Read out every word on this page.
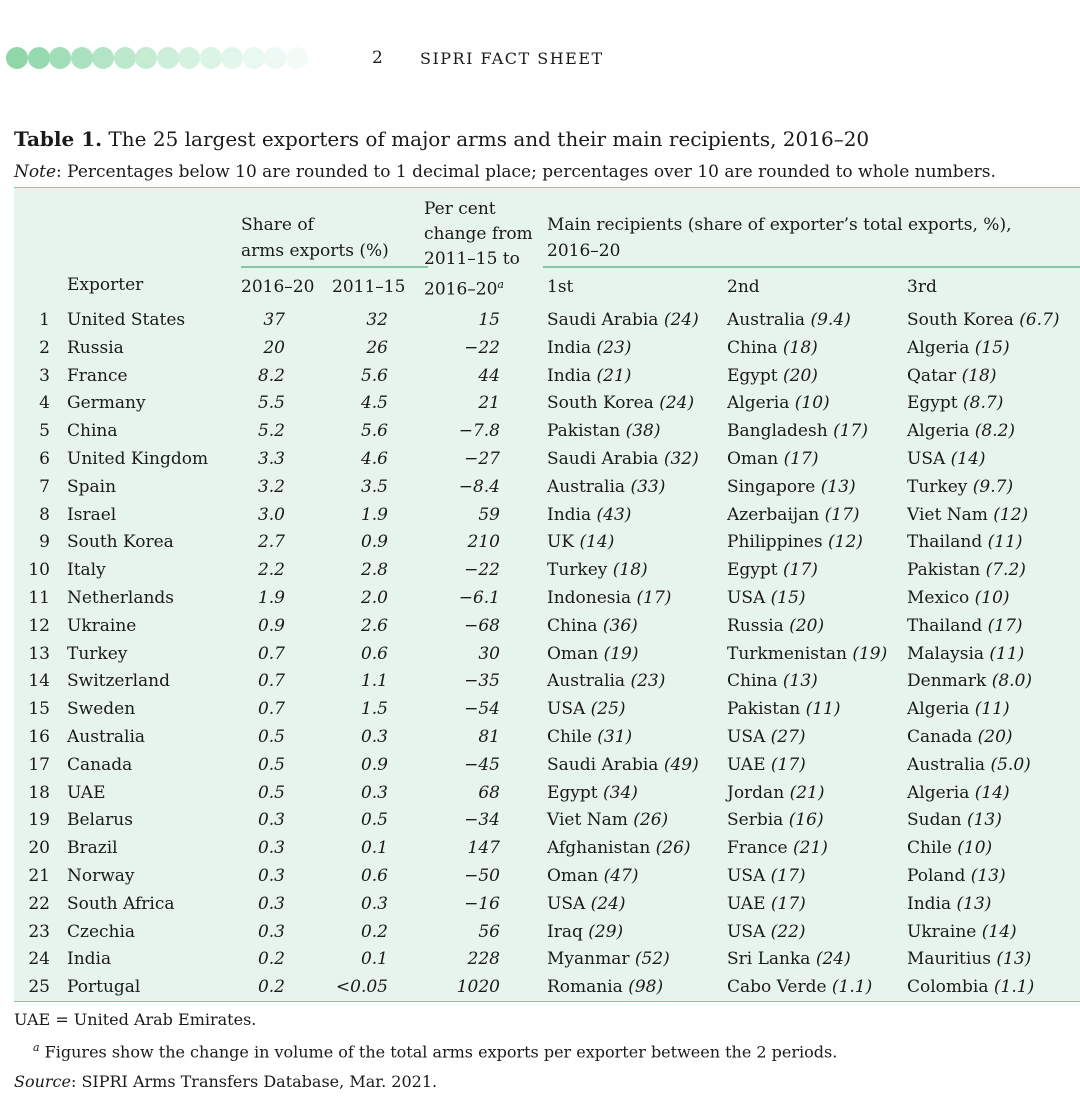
2 SIPRI FACT SHEET
Table 1. The 25 largest exporters of major arms and their main recipients, 2016–20
Note: Percentages below 10 are rounded to 1 decimal place; percentages over 10 are rounded to whole numbers.
Share of
arms exports (%)
Per cent
change from
2011–15 to
2016–20$^a$
Main recipients (share of exporter’s total exports, %),
2016–20
Exporter	2016–20 2011–15	1st	2nd	3rd
1 United States	37	32	15	Saudi Arabia (24) Australia (9.4)	South Korea (6.7)
2 Russia	20	26	−22	India (23)	China (18)	Algeria (15)
3 France	8.2	5.6	44	India (21)	Egypt (20)	Qatar (18)
4 Germany	5.5	4.5	21	South Korea (24) Algeria (10)	Egypt (8.7)
5 China	5.2	5.6	−7.8	Pakistan (38)	Bangladesh (17) Algeria (8.2)
6 United Kingdom	3.3	4.6	−27	Saudi Arabia (32) Oman (17)	USA (14)
7 Spain	3.2	3.5	−8.4	Australia (33)	Singapore (13)	Turkey (9.7)
8 Israel	3.0	1.9	59	India (43)	Azerbaijan (17)	Viet Nam (12)
9 South Korea	2.7	0.9	210	UK (14)	Philippines (12)	Thailand (11)
10 Italy	2.2	2.8	−22	Turkey (18)	Egypt (17)	Pakistan (7.2)
11 Netherlands	1.9	2.0	−6.1	Indonesia (17)	USA (15)	Mexico (10)
12 Ukraine	0.9	2.6	−68	China (36)	Russia (20)	Thailand (17)
13 Turkey	0.7	0.6	30	Oman (19)	Turkmenistan (19) Malaysia (11)
14 Switzerland	0.7	1.1	−35	Australia (23)	China (13)	Denmark (8.0)
15 Sweden	0.7	1.5	−54	USA (25)	Pakistan (11)	Algeria (11)
16 Australia	0.5	0.3	81	Chile (31)	USA (27)	Canada (20)
17 Canada	0.5	0.9	−45	Saudi Arabia (49) UAE (17)	Australia (5.0)
18 UAE	0.5	0.3	68	Egypt (34)	Jordan (21)	Algeria (14)
19 Belarus	0.3	0.5	−34	Viet Nam (26)	Serbia (16)	Sudan (13)
20 Brazil	0.3	0.1	147	Afghanistan (26) France (21)	Chile (10)
21 Norway	0.3	0.6	−50	Oman (47)	USA (17)	Poland (13)
22 South Africa	0.3	0.3	−16	USA (24)	UAE (17)	India (13)
23 Czechia	0.3	0.2	56	Iraq (29)	USA (22)	Ukraine (14)
24 India	0.2	0.1	228	Myanmar (52)	Sri Lanka (24)	Mauritius (13)
25 Portugal	0.2	<0.05	1020	Romania (98)	Cabo Verde (1.1) Colombia (1.1)
UAE = United Arab Emirates.
$^a$ Figures show the change in volume of the total arms exports per exporter between the 2 periods.
Source: SIPRI Arms Transfers Database, Mar. 2021.
